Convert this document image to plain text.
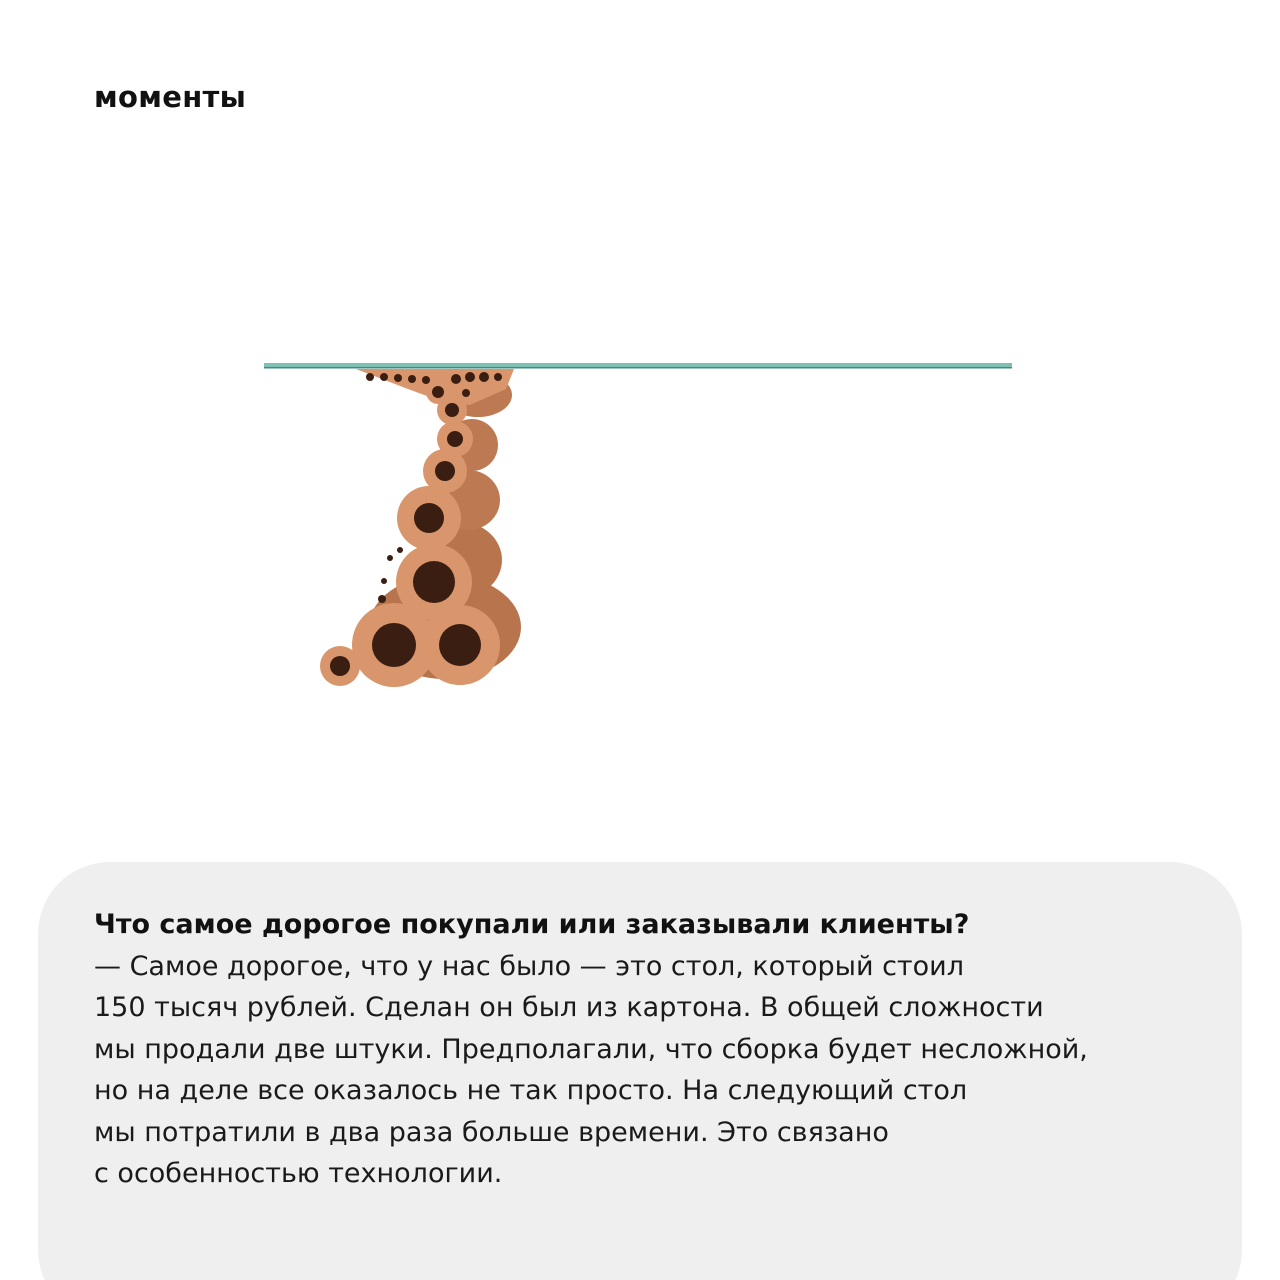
моменты
Что самое дорогое покупали или заказывали клиенты?
— Самое дорогое, что у нас было — это стол, который стоил
150 тысяч рублей. Сделан он был из картона. В общей сложности
мы продали две штуки. Предполагали, что сборка будет несложной,
но на деле все оказалось не так просто. На следующий стол
мы потратили в два раза больше времени. Это связано
с особенностью технологии.
